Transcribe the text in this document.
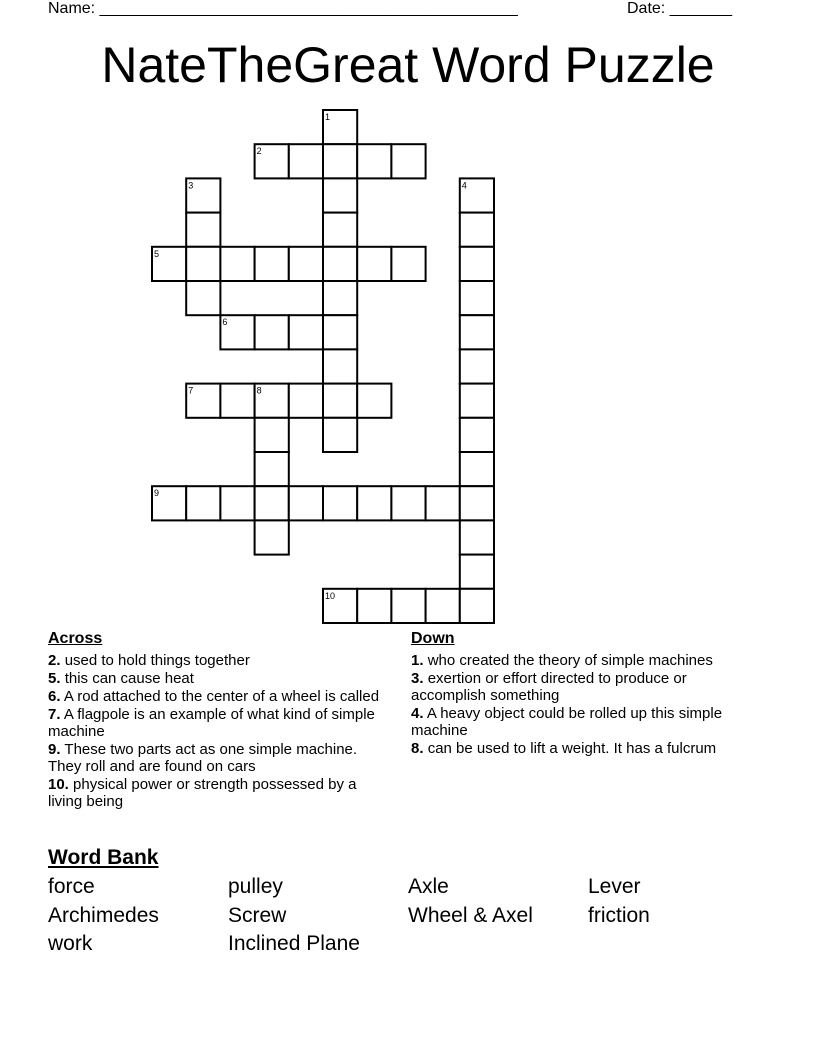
Name: _______________________________________________	Date: _______
NateTheGreat Word Puzzle
1
2
3	4
5
6
7	8
9
10
Across
2. used to hold things together
5. this can cause heat
6. A rod attached to the center of a wheel is called
7. A flagpole is an example of what kind of simple machine
9. These two parts act as one simple machine. They roll and are found on cars
10. physical power or strength possessed by a living being
Down
1. who created the theory of simple machines
3. exertion or effort directed to produce or accomplish something
4. A heavy object could be rolled up this simple machine
8. can be used to lift a weight. It has a fulcrum
Word Bank
force	pulley	Axle	Lever
Archimedes	Screw	Wheel & Axel	friction
work	Inclined Plane
